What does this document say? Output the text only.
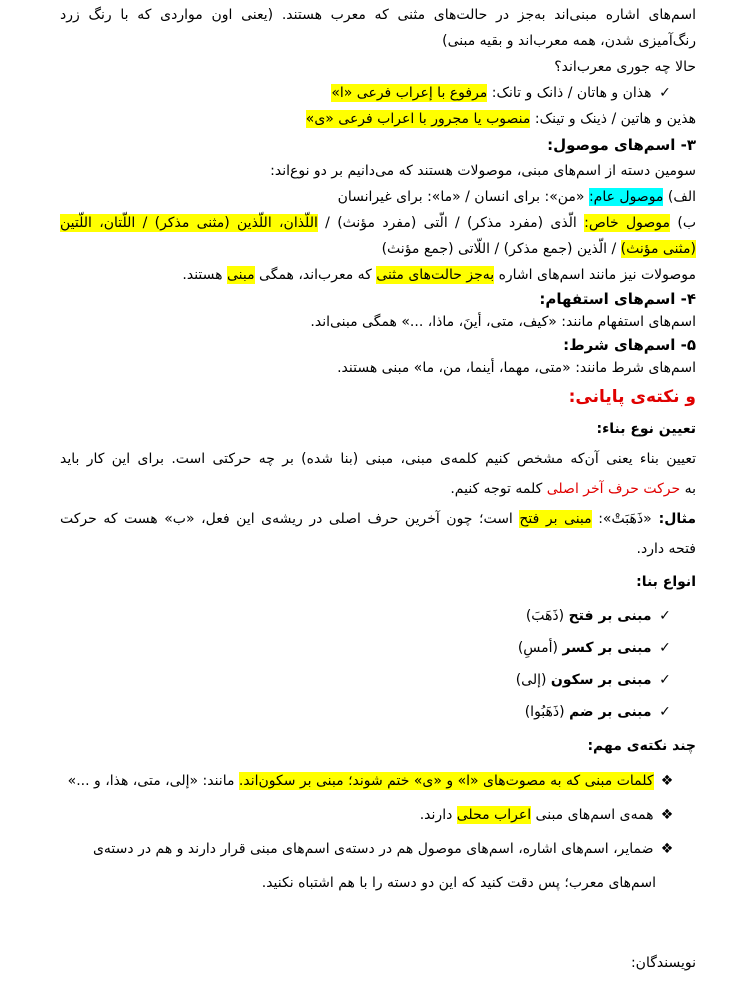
اسم‌های اشاره مبنی‌اند به‌جز در حالت‌های مثنی که معرب هستند. (یعنی اون مواردی که با رنگ زرد
رنگ‌آمیزی شدن، همه معرب‌اند و بقیه مبنی)
حالا چه جوری معرب‌اند؟
✓ هذان و هاتان / ذانک و تانک: مرفوع با إعراب فرعی «ا»
هذین و هاتین / ذینک و تینک: منصوب یا مجرور با اعراب فرعی «ی»
۳- اسم‌های موصول:
سومین دسته از اسم‌های مبنی، موصولات هستند که می‌دانیم بر دو نوع‌اند:
الف) موصول عام: «من»: برای انسان / «ما»: برای غیرانسان
ب) موصول خاص: الّذی (مفرد مذکر) / الّتی (مفرد مؤنث) / اللّذان، اللّذین (مثنی مذکر) / اللّتان، اللّتین
(مثنی مؤنث) / الّذین (جمع مذکر) / اللّاتی (جمع مؤنث)
موصولات نیز مانند اسم‌های اشاره به‌جز حالت‌های مثنی که معرب‌اند، همگی مبنی هستند.
۴- اسم‌های استفهام:
اسم‌های استفهام مانند: «کیف، متی، أینَ، ماذا، ...» همگی مبنی‌اند.
۵- اسم‌های شرط:
اسم‌های شرط مانند: «متی، مهما، أینما، من، ما» مبنی هستند.
و نکته‌ی پایانی:
تعیین نوع بناء:
تعیین بناء یعنی آن‌که مشخص کنیم کلمه‌ی مبنی، مبنی (بنا شده) بر چه حرکتی است. برای این کار باید
به حرکت حرف آخر اصلی کلمه توجه کنیم.
مثال: «ذَهَبَتْ»: مبنی بر فتح است؛ چون آخرین حرف اصلی در ریشه‌ی این فعل، «ب» هست که حرکت
فتحه دارد.
انواع بنا:
✓ مبنی بر فتح (ذَهَبَ)
✓ مبنی بر کسر (أمسِ)
✓ مبنی بر سکون (إلی)
✓ مبنی بر ضم (ذَهَبُوا)
چند نکته‌ی مهم:
❖ کلمات مبنی که به مصوت‌های «ا» و «ی» ختم شوند؛ مبنی بر سکون‌اند. مانند: «إلی، متی، هذا، و ...»
❖ همه‌ی اسم‌های مبنی اعراب محلی دارند.
❖ ضمایر، اسم‌های اشاره، اسم‌های موصول هم در دسته‌ی اسم‌های مبنی قرار دارند و هم در دسته‌ی
اسم‌های معرب؛ پس دقت کنید که این دو دسته را با هم اشتباه نکنید.
نویسندگان:
